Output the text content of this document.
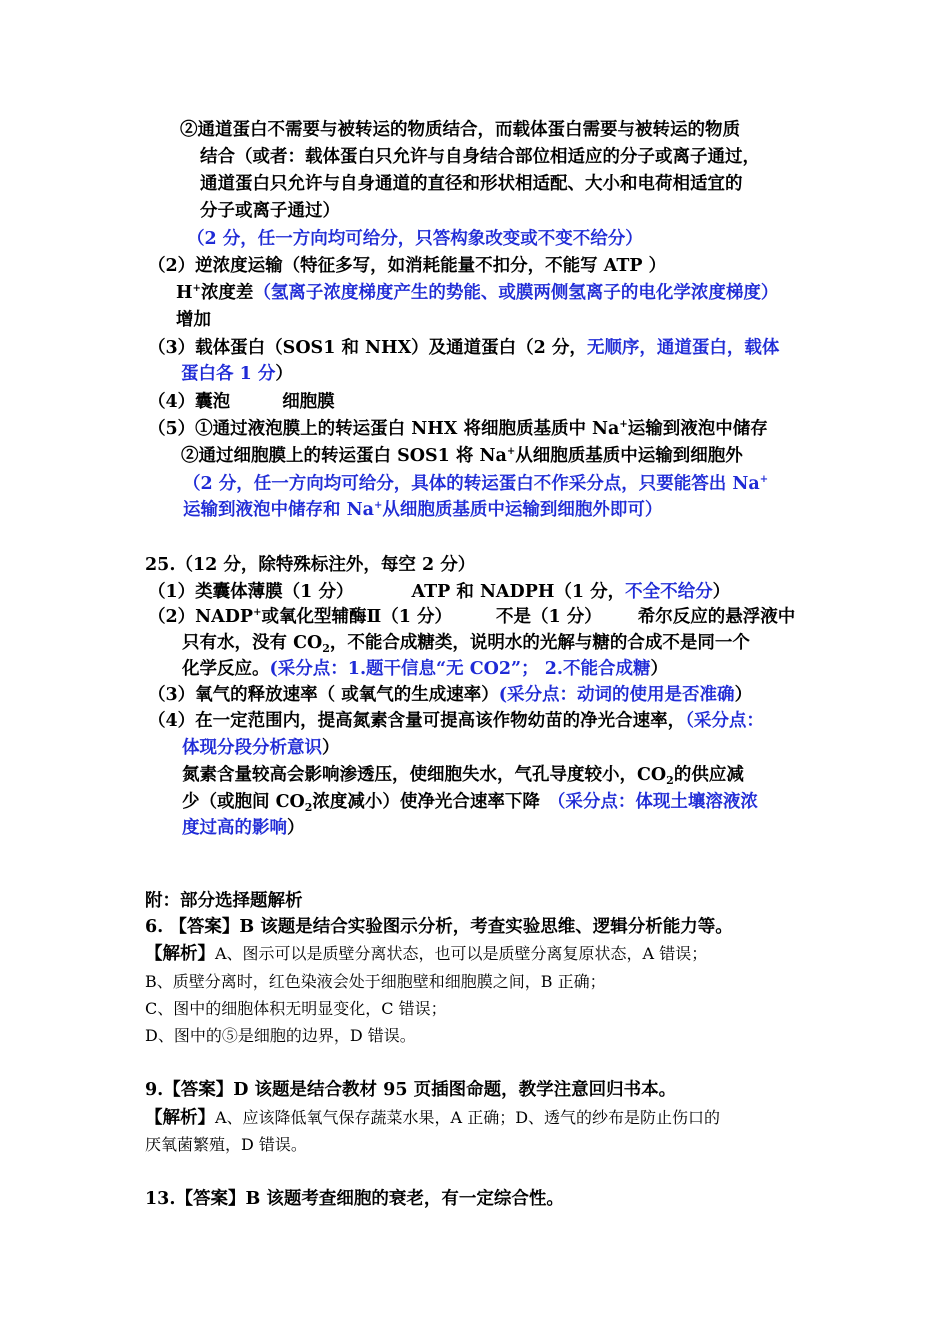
②通道蛋白不需要与被转运的物质结合，而载体蛋白需要与被转运的物质
结合（或者：载体蛋白只允许与自身结合部位相适应的分子或离子通过，
通道蛋白只允许与自身通道的直径和形状相适配、大小和电荷相适宜的
分子或离子通过）
（2 分，任一方向均可给分，只答构象改变或不变不给分）
（2）逆浓度运输（特征多写，如消耗能量不扣分，不能写 ATP ）
H+浓度差（氢离子浓度梯度产生的势能、或膜两侧氢离子的电化学浓度梯度）
增加
（3）载体蛋白（SOS1 和 NHX）及通道蛋白（2 分，无顺序，通道蛋白，载体
蛋白各 1 分）
（4）囊泡	细胞膜
（5）①通过液泡膜上的转运蛋白 NHX 将细胞质基质中 Na+运输到液泡中储存
②通过细胞膜上的转运蛋白 SOS1 将 Na+从细胞质基质中运输到细胞外
（2 分，任一方向均可给分，具体的转运蛋白不作采分点，只要能答出 Na+
运输到液泡中储存和 Na+从细胞质基质中运输到细胞外即可）
25.（12 分，除特殊标注外，每空 2 分）
（1）类囊体薄膜（1 分）	ATP 和 NADPH（1 分，不全不给分）
（2）NADP+或氧化型辅酶Ⅱ（1 分）	不是（1 分） 希尔反应的悬浮液中
只有水，没有 $CO_2$，不能合成糖类，说明水的光解与糖的合成不是同一个
化学反应。(采分点：1.题干信息“无 CO2”； 2.不能合成糖）
（3）氧气的释放速率（ 或氧气的生成速率）(采分点：动词的使用是否准确）
（4）在一定范围内，提高氮素含量可提高该作物幼苗的净光合速率，（采分点：
体现分段分析意识）
氮素含量较高会影响渗透压，使细胞失水，气孔导度较小，$CO_2$的供应减
少（或胞间 $CO_2$浓度减小）使净光合速率下降 （采分点：体现土壤溶液浓
度过高的影响）
附：部分选择题解析
6. 【答案】B 该题是结合实验图示分析，考查实验思维、逻辑分析能力等。
【解析】A、图示可以是质壁分离状态，也可以是质壁分离复原状态，A 错误；
B、质壁分离时，红色染液会处于细胞壁和细胞膜之间，B 正确；
C、图中的细胞体积无明显变化，C 错误；
D、图中的⑤是细胞的边界，D 错误。
9.【答案】D 该题是结合教材 95 页插图命题，教学注意回归书本。
【解析】A、应该降低氧气保存蔬菜水果，A 正确；D、透气的纱布是防止伤口的
厌氧菌繁殖，D 错误。
13.【答案】B 该题考查细胞的衰老，有一定综合性。
